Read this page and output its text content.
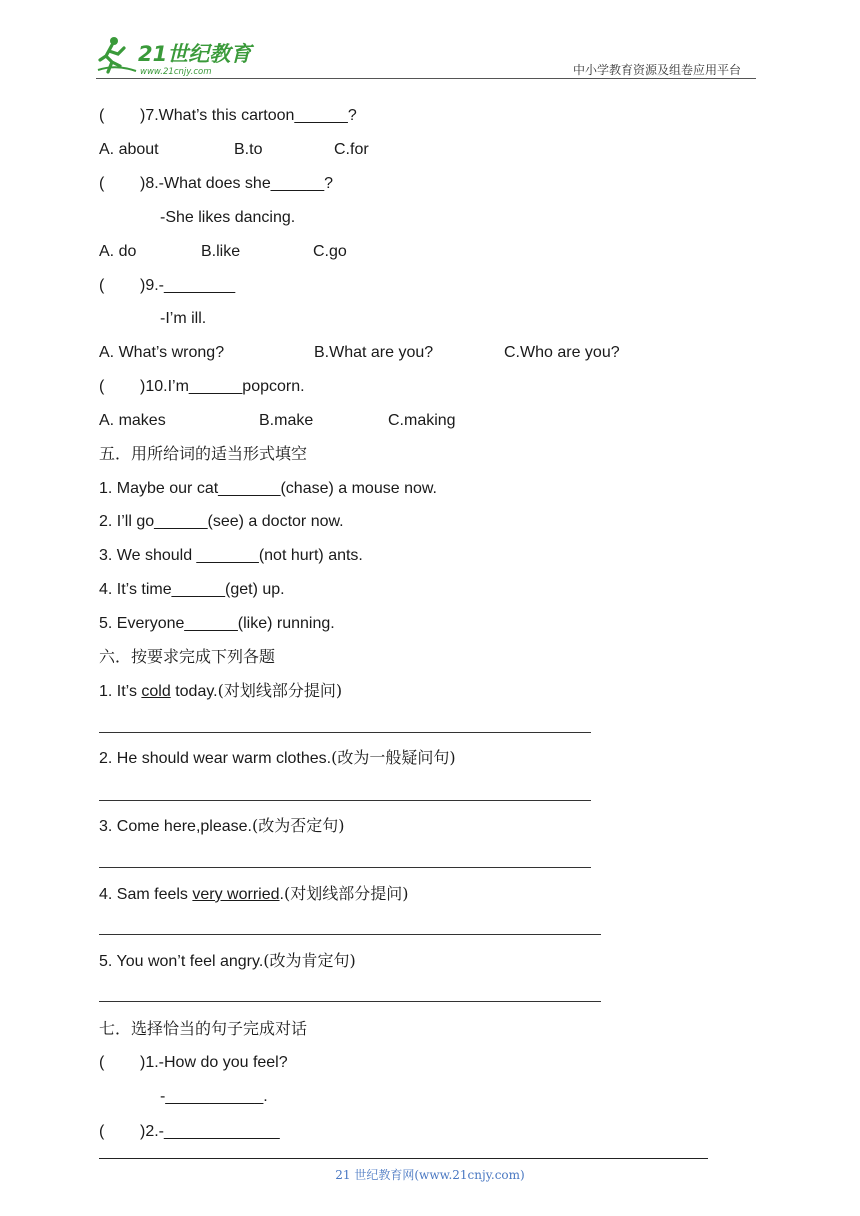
21世纪教育
www.21cnjy.com	中小学教育资源及组卷应用平台
( )7.What’s this cartoon______?
A. about	B.to	C.for
( )8.-What does she______?
-She likes dancing.
A. do	B.like	C.go
( )9.-________
-I’m ill.
A. What’s wrong?	B.What are you?	C.Who are you?
( )10.I’m______popcorn.
A. makes	B.make	C.making
五．用所给词的适当形式填空
1. Maybe our cat_______(chase) a mouse now.
2. I’ll go______(see) a doctor now.
3. We should _______(not hurt) ants.
4. It’s time______(get) up.
5. Everyone______(like) running.
六．按要求完成下列各题
1. It’s cold today.(对划线部分提问)
2. He should wear warm clothes.(改为一般疑问句)
3. Come here,please.(改为否定句)
4. Sam feels very worried.(对划线部分提问)
5. You won’t feel angry.(改为肯定句)
七．选择恰当的句子完成对话
( )1.-How do you feel?
-___________.
( )2.-_____________
21 世纪教育网(www.21cnjy.com)
